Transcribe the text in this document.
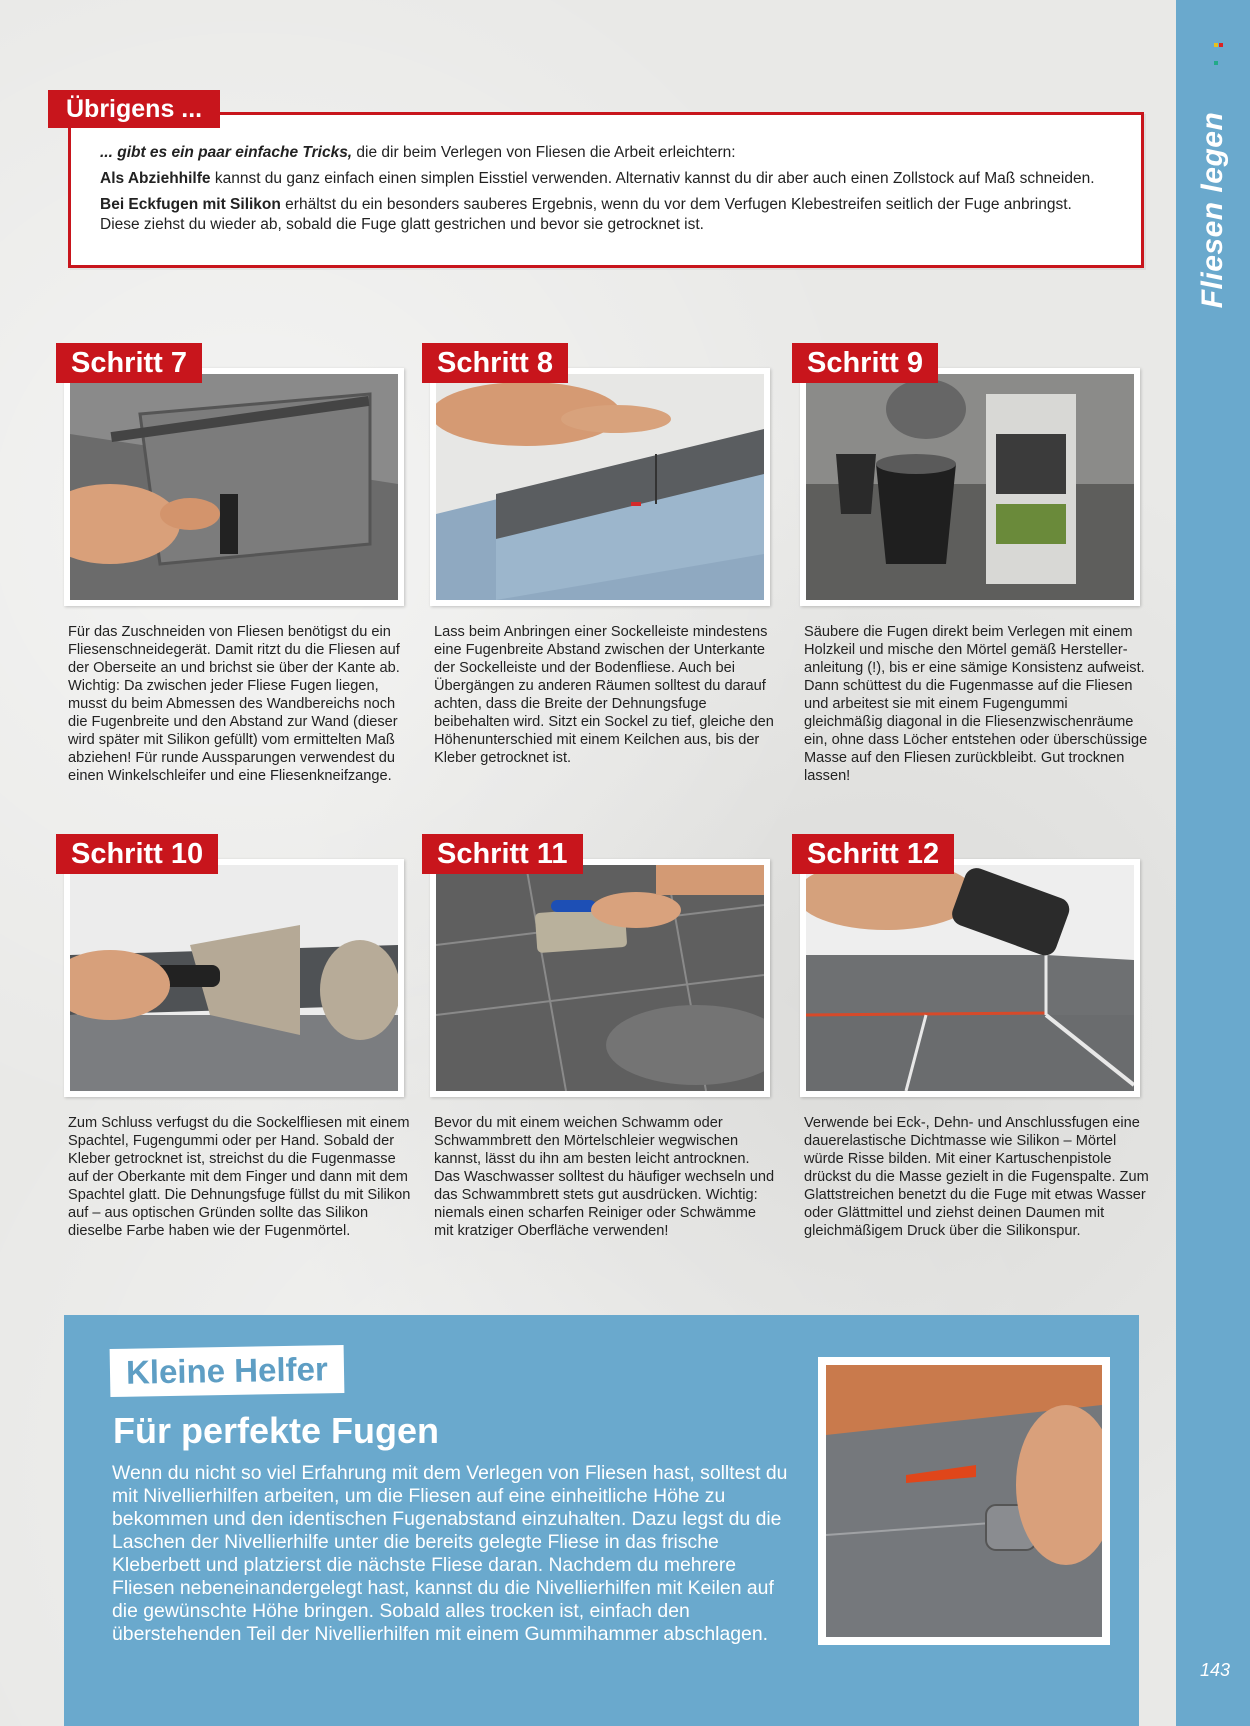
Fliesen legen
143
Übrigens ...

... gibt es ein paar einfache Tricks, die dir beim Verlegen von Fliesen die Arbeit erleichtern:

Als Abziehhilfe kannst du ganz einfach einen simplen Eisstiel verwenden. Alternativ kannst du dir aber auch einen Zollstock auf Maß schneiden.

Bei Eckfugen mit Silikon erhältst du ein besonders sauberes Ergebnis, wenn du vor dem Verfugen Klebestreifen seitlich der Fuge anbringst.

Diese ziehst du wieder ab, sobald die Fuge glatt gestrichen und bevor sie getrocknet ist.

Schritt 7
Für das Zuschneiden von Fliesen benötigst du ein Fliesenschneidegerät. Damit ritzt du die Fliesen auf der Oberseite an und brichst sie über der Kante ab. Wichtig: Da zwischen jeder Fliese Fugen liegen, musst du beim Abmessen des Wandbereichs noch die Fugenbreite und den Abstand zur Wand (dieser wird später mit Silikon gefüllt) vom ermittelten Maß abziehen! Für runde Aussparungen verwendest du einen Winkelschleifer und eine Fliesenkneifzange.
Schritt 8
Lass beim Anbringen einer Sockelleiste mindestens eine Fugenbreite Abstand zwischen der Unterkante der Sockelleiste und der Bodenfliese. Auch bei Übergängen zu anderen Räumen solltest du darauf achten, dass die Breite der Dehnungsfuge beibehalten wird. Sitzt ein Sockel zu tief, gleiche den Höhenunterschied mit einem Keilchen aus, bis der Kleber getrocknet ist.
Schritt 9
Säubere die Fugen direkt beim Verlegen mit einem Holzkeil und mische den Mörtel gemäß Hersteller-anleitung (!), bis er eine sämige Konsistenz aufweist. Dann schüttest du die Fugenmasse auf die Fliesen und arbeitest sie mit einem Fugengummi gleichmäßig diagonal in die Fliesenzwischenräume ein, ohne dass Löcher entstehen oder überschüssige Masse auf den Fliesen zurückbleibt. Gut trocknen lassen!
Schritt 10
Zum Schluss verfugst du die Sockelfliesen mit einem Spachtel, Fugengummi oder per Hand. Sobald der Kleber getrocknet ist, streichst du die Fugenmasse auf der Oberkante mit dem Finger und dann mit dem Spachtel glatt. Die Dehnungsfuge füllst du mit Silikon auf – aus optischen Gründen sollte das Silikon dieselbe Farbe haben wie der Fugenmörtel.
Schritt 11
Bevor du mit einem weichen Schwamm oder Schwammbrett den Mörtelschleier wegwischen kannst, lässt du ihn am besten leicht antrocknen. Das Waschwasser solltest du häufiger wechseln und das Schwammbrett stets gut ausdrücken. Wichtig: niemals einen scharfen Reiniger oder Schwämme mit kratziger Oberfläche verwenden!
Schritt 12
Verwende bei Eck-, Dehn- und Anschlussfugen eine dauerelastische Dichtmasse wie Silikon – Mörtel würde Risse bilden. Mit einer Kartuschenpistole drückst du die Masse gezielt in die Fugenspalte. Zum Glattstreichen benetzt du die Fuge mit etwas Wasser oder Glättmittel und ziehst deinen Daumen mit gleichmäßigem Druck über die Silikonspur.
Kleine Helfer
Für perfekte Fugen
Wenn du nicht so viel Erfahrung mit dem Verlegen von Fliesen hast, solltest du mit Nivellierhilfen arbeiten, um die Fliesen auf eine einheitliche Höhe zu bekommen und den identischen Fugenabstand einzuhalten. Dazu legst du die Laschen der Nivellierhilfe unter die bereits gelegte Fliese in das frische Kleberbett und platzierst die nächste Fliese daran. Nachdem du mehrere Fliesen nebeneinandergelegt hast, kannst du die Nivellierhilfen mit Keilen auf die gewünschte Höhe bringen. Sobald alles trocken ist, einfach den überstehenden Teil der Nivellierhilfen mit einem Gummihammer abschlagen.
